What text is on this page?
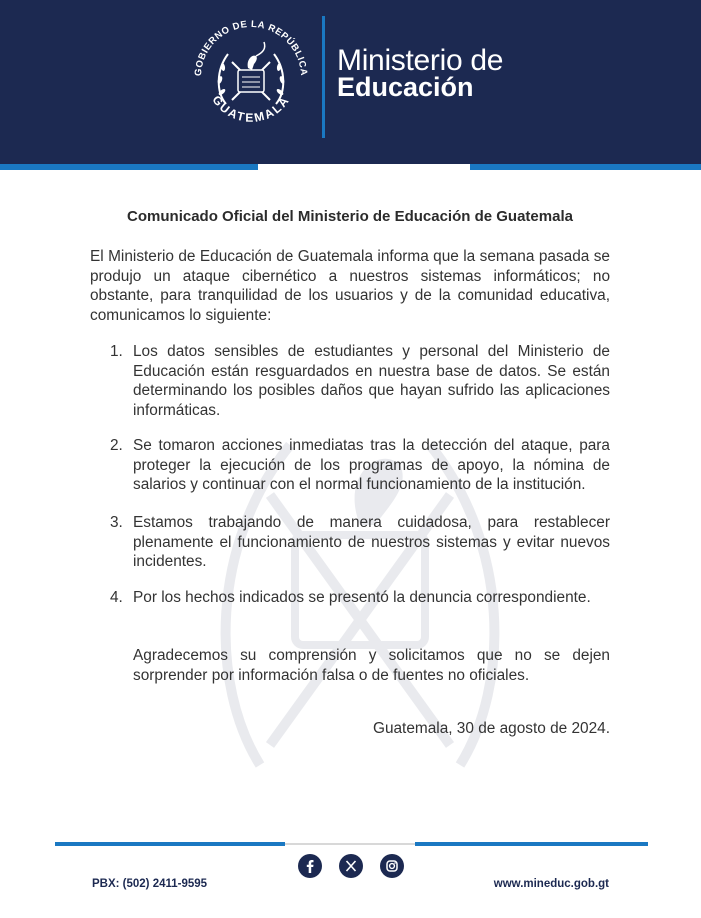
GOBIERNO DE LA REPÚBLICA
GUATEMALA
Ministerio de
Educación
Comunicado Oficial del Ministerio de Educación de Guatemala
El Ministerio de Educación de Guatemala informa que la semana pasada se produjo un ataque cibernético a nuestros sistemas informáticos; no obstante, para tranquilidad de los usuarios y de la comunidad educativa, comunicamos lo siguiente:
1. Los datos sensibles de estudiantes y personal del Ministerio de Educación están resguardados en nuestra base de datos. Se están determinando los posibles daños que hayan sufrido las aplicaciones informáticas.
2. Se tomaron acciones inmediatas tras la detección del ataque, para proteger la ejecución de los programas de apoyo, la nómina de salarios y continuar con el normal funcionamiento de la institución.
3. Estamos trabajando de manera cuidadosa, para restablecer plenamente el funcionamiento de nuestros sistemas y evitar nuevos incidentes.
4. Por los hechos indicados se presentó la denuncia correspondiente.
Agradecemos su comprensión y solicitamos que no se dejen sorprender por información falsa o de fuentes no oficiales.
Guatemala, 30 de agosto de 2024.
PBX: (502) 2411-9595	www.mineduc.gob.gt
